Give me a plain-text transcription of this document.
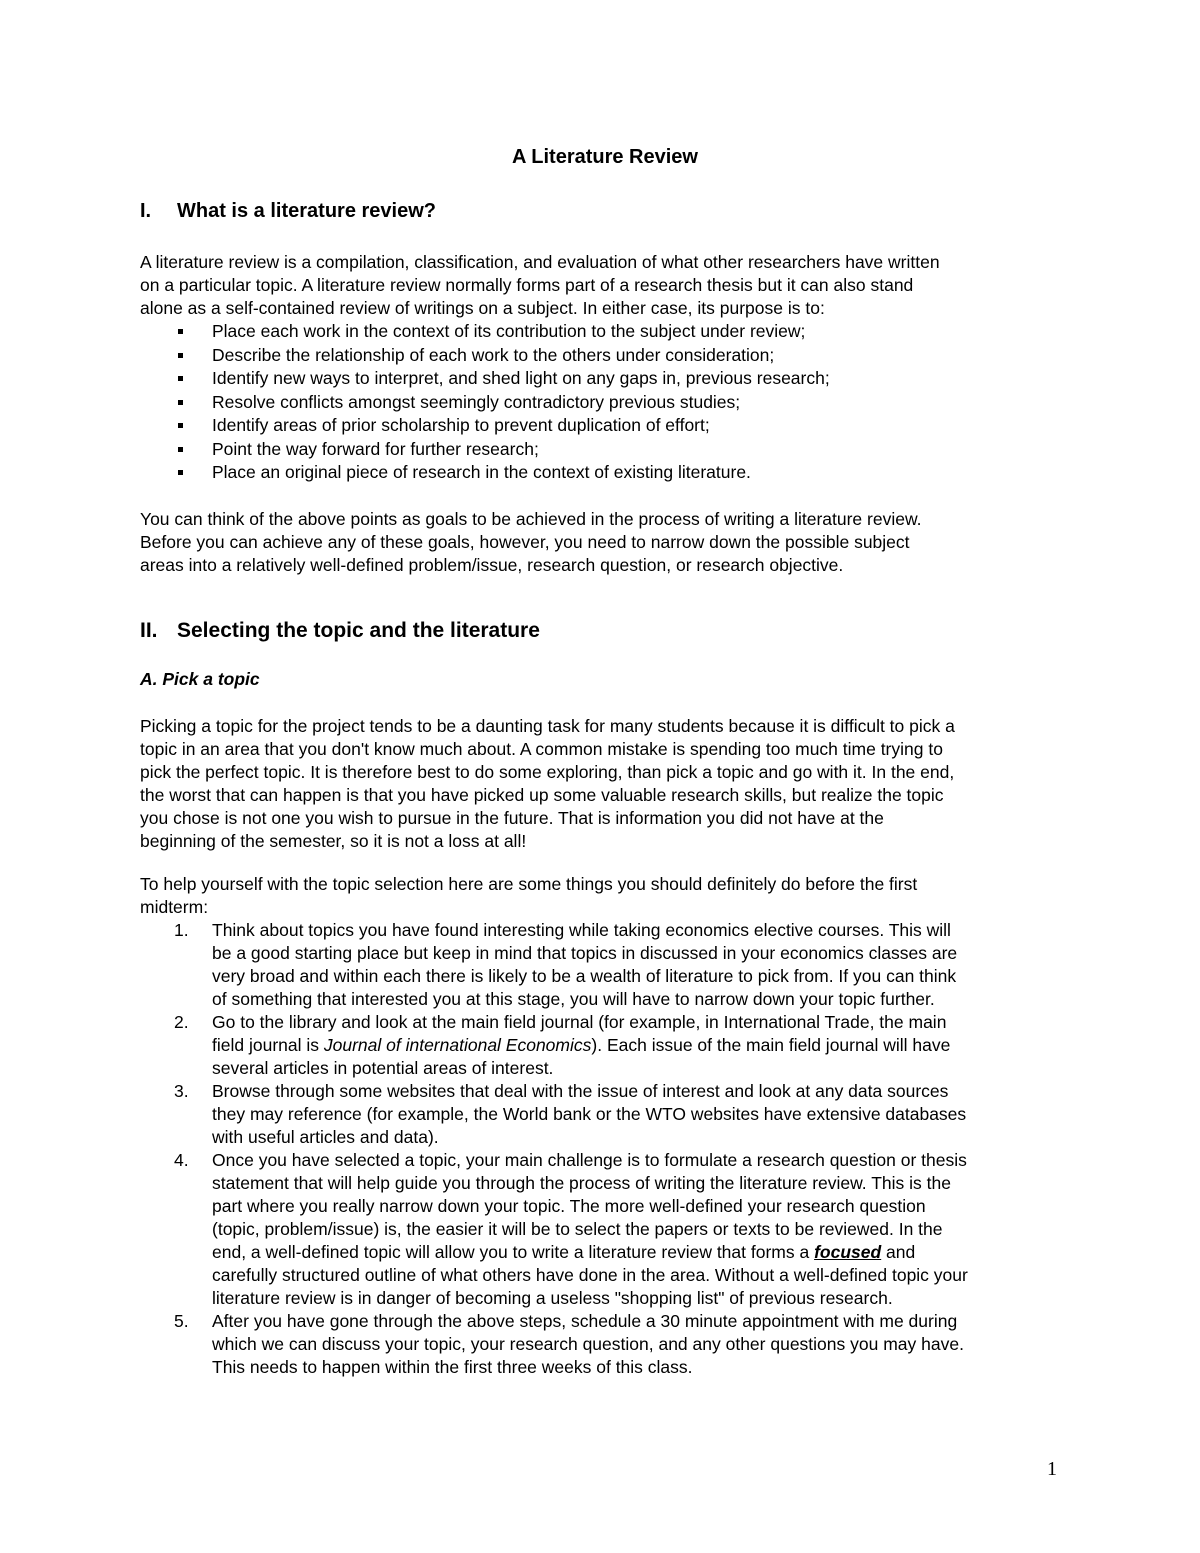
A Literature Review
I. What is a literature review?
A literature review is a compilation, classification, and evaluation of what other researchers have written
on a particular topic. A literature review normally forms part of a research thesis but it can also stand
alone as a self-contained review of writings on a subject. In either case, its purpose is to:
Place each work in the context of its contribution to the subject under review;
Describe the relationship of each work to the others under consideration;
Identify new ways to interpret, and shed light on any gaps in, previous research;
Resolve conflicts amongst seemingly contradictory previous studies;
Identify areas of prior scholarship to prevent duplication of effort;
Point the way forward for further research;
Place an original piece of research in the context of existing literature.
You can think of the above points as goals to be achieved in the process of writing a literature review.
Before you can achieve any of these goals, however, you need to narrow down the possible subject
areas into a relatively well-defined problem/issue, research question, or research objective.
II. Selecting the topic and the literature
A. Pick a topic
Picking a topic for the project tends to be a daunting task for many students because it is difficult to pick a
topic in an area that you don't know much about. A common mistake is spending too much time trying to
pick the perfect topic. It is therefore best to do some exploring, than pick a topic and go with it. In the end,
the worst that can happen is that you have picked up some valuable research skills, but realize the topic
you chose is not one you wish to pursue in the future. That is information you did not have at the
beginning of the semester, so it is not a loss at all!
To help yourself with the topic selection here are some things you should definitely do before the first
midterm:
1. Think about topics you have found interesting while taking economics elective courses. This will
be a good starting place but keep in mind that topics in discussed in your economics classes are
very broad and within each there is likely to be a wealth of literature to pick from. If you can think
of something that interested you at this stage, you will have to narrow down your topic further.
2. Go to the library and look at the main field journal (for example, in International Trade, the main
field journal is Journal of international Economics). Each issue of the main field journal will have
several articles in potential areas of interest.
3. Browse through some websites that deal with the issue of interest and look at any data sources
they may reference (for example, the World bank or the WTO websites have extensive databases
with useful articles and data).
4. Once you have selected a topic, your main challenge is to formulate a research question or thesis
statement that will help guide you through the process of writing the literature review. This is the
part where you really narrow down your topic. The more well-defined your research question
(topic, problem/issue) is, the easier it will be to select the papers or texts to be reviewed. In the
end, a well-defined topic will allow you to write a literature review that forms a focused and
carefully structured outline of what others have done in the area. Without a well-defined topic your
literature review is in danger of becoming a useless "shopping list" of previous research.
5. After you have gone through the above steps, schedule a 30 minute appointment with me during
which we can discuss your topic, your research question, and any other questions you may have.
This needs to happen within the first three weeks of this class.
1
